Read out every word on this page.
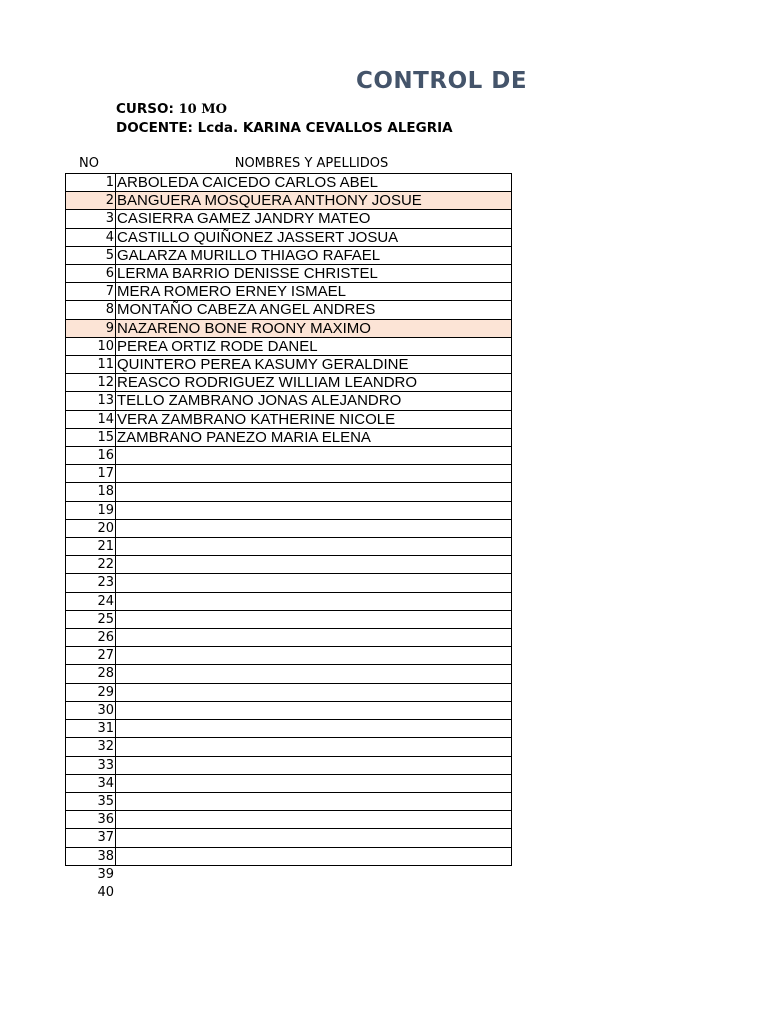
CONTROL DE
CURSO: 10 MO
DOCENTE: Lcda. KARINA CEVALLOS ALEGRIA
NO	NOMBRES Y APELLIDOS
1	ARBOLEDA CAICEDO CARLOS ABEL
2	BANGUERA MOSQUERA ANTHONY JOSUE
3	CASIERRA GAMEZ JANDRY MATEO
4	CASTILLO QUIÑONEZ JASSERT JOSUA
5	GALARZA MURILLO THIAGO RAFAEL
6	LERMA BARRIO DENISSE CHRISTEL
7	MERA ROMERO ERNEY ISMAEL
8	MONTAÑO CABEZA ANGEL ANDRES
9	NAZARENO BONE ROONY MAXIMO
10	PEREA ORTIZ RODE DANEL
11	QUINTERO PEREA KASUMY GERALDINE
12	REASCO RODRIGUEZ WILLIAM LEANDRO
13	TELLO ZAMBRANO JONAS ALEJANDRO
14	VERA ZAMBRANO KATHERINE NICOLE
15	ZAMBRANO PANEZO MARIA ELENA
16	
17	
18	
19	
20	
21	
22	
23	
24	
25	
26	
27	
28	
29	
30	
31	
32	
33	
34	
35	
36	
37	
38	
39	
40	
